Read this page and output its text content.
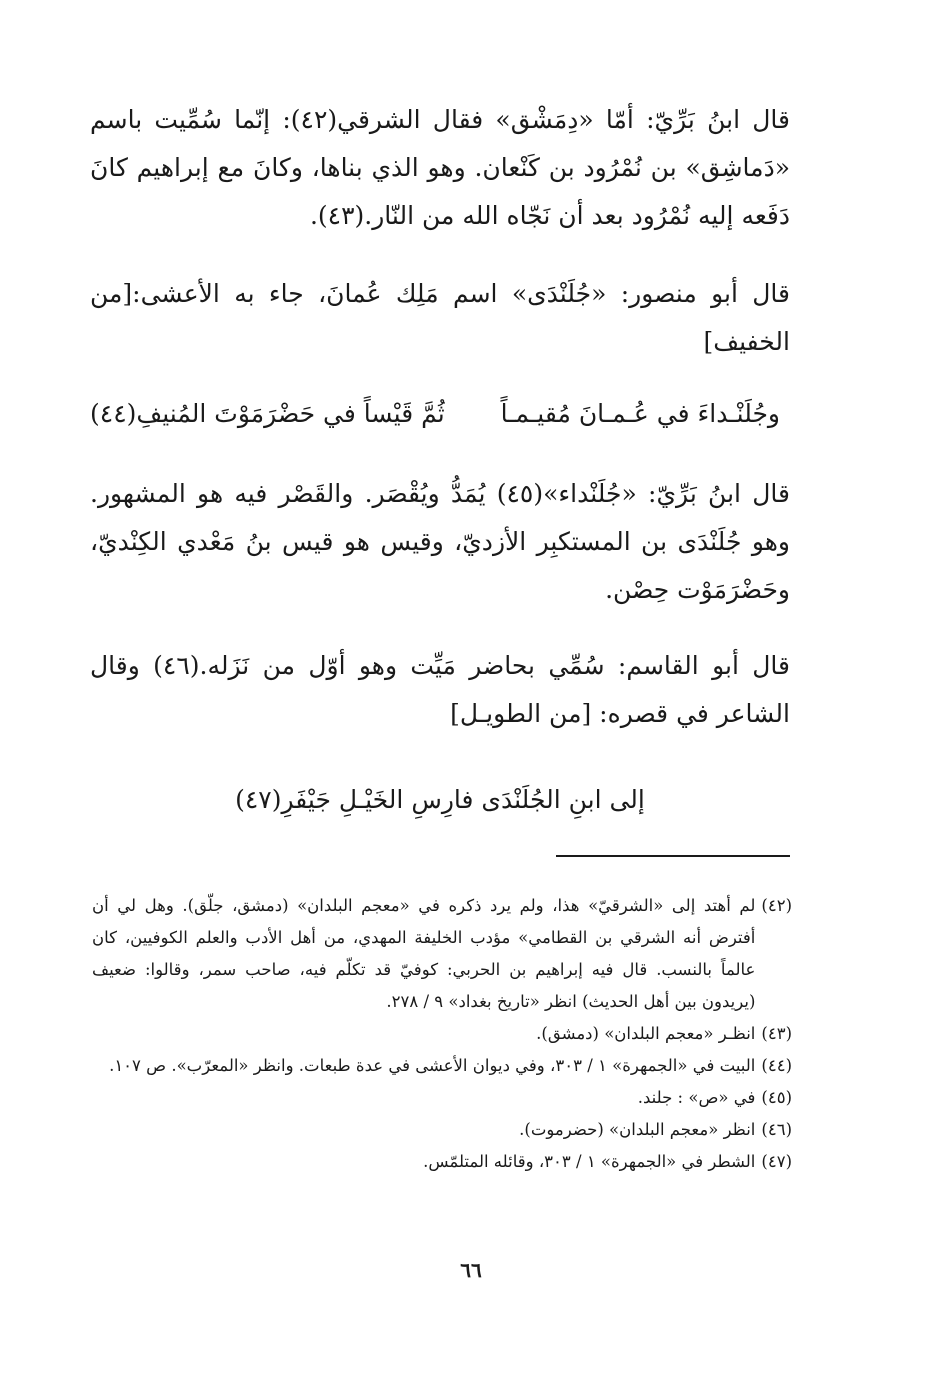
قال ابنُ بَرِّيّ: أمّا «دِمَشْق» فقال الشرقي(٤٢): إنّما سُمِّيت باسم «دَماشِق» بن نُمْرُود بن كَنْعان. وهو الذي بناها، وكانَ مع إبراهيم كانَ دَفَعه إليه نُمْرُود بعد أن نَجّاه الله من النّار.(٤٣).
قال أبو منصور: «جُلَنْدَى» اسم مَلِك عُمانَ، جاء به الأعشى:[من الخفيف]
وجُلَنْـداءَ في عُـمـانَ مُقيـمـاً
ثُمَّ قَيْساً في حَضْرَمَوْتَ المُنيفِ(٤٤)
قال ابنُ بَرِّيّ: «جُلَنْداء»(٤٥) يُمَدُّ ويُقْصَر. والقَصْر فيه هو المشهور. وهو جُلَنْدَى بن المستكبِر الأزديّ، وقيس هو قيس بنُ مَعْدي الكِنْديّ، وحَضْرَمَوْت حِصْن.
قال أبو القاسم: سُمِّي بحاضر مَيِّت وهو أوّل من نَزَله.(٤٦) وقال الشاعر في قصره: [من الطويـل]
إلى ابنِ الجُلَنْدَى فارِسِ الخَيْـلِ جَيْفَرِ(٤٧)
(٤٢)
لم أهتد إلى «الشرقيّ» هذا، ولم يرد ذكره في «معجم البلدان» (دمشق، جلّق). وهل لي أن أفترض أنه الشرقي بن القطامي» مؤدب الخليفة المهدي، من أهل الأدب والعلم الكوفيين، كان عالماً بالنسب. قال فيه إبراهيم بن الحربي: كوفيّ قد تكلّم فيه، صاحب سمر، وقالوا: ضعيف (يريدون بين أهل الحديث) انظر «تاريخ بغداد» ٩ / ٢٧٨.
(٤٣)
انظـر «معجم البلدان» (دمشق).
(٤٤)
البيت في «الجمهرة» ١ / ٣٠٣، وفي ديوان الأعشى في عدة طبعات. وانظر «المعرّب». ص ١٠٧.
(٤٥)
في «ص» : جلند.
(٤٦)
انظر «معجم البلدان» (حضرموت).
(٤٧)
الشطر في «الجمهرة» ١ / ٣٠٣، وقائله المتلمّس.
٦٦
